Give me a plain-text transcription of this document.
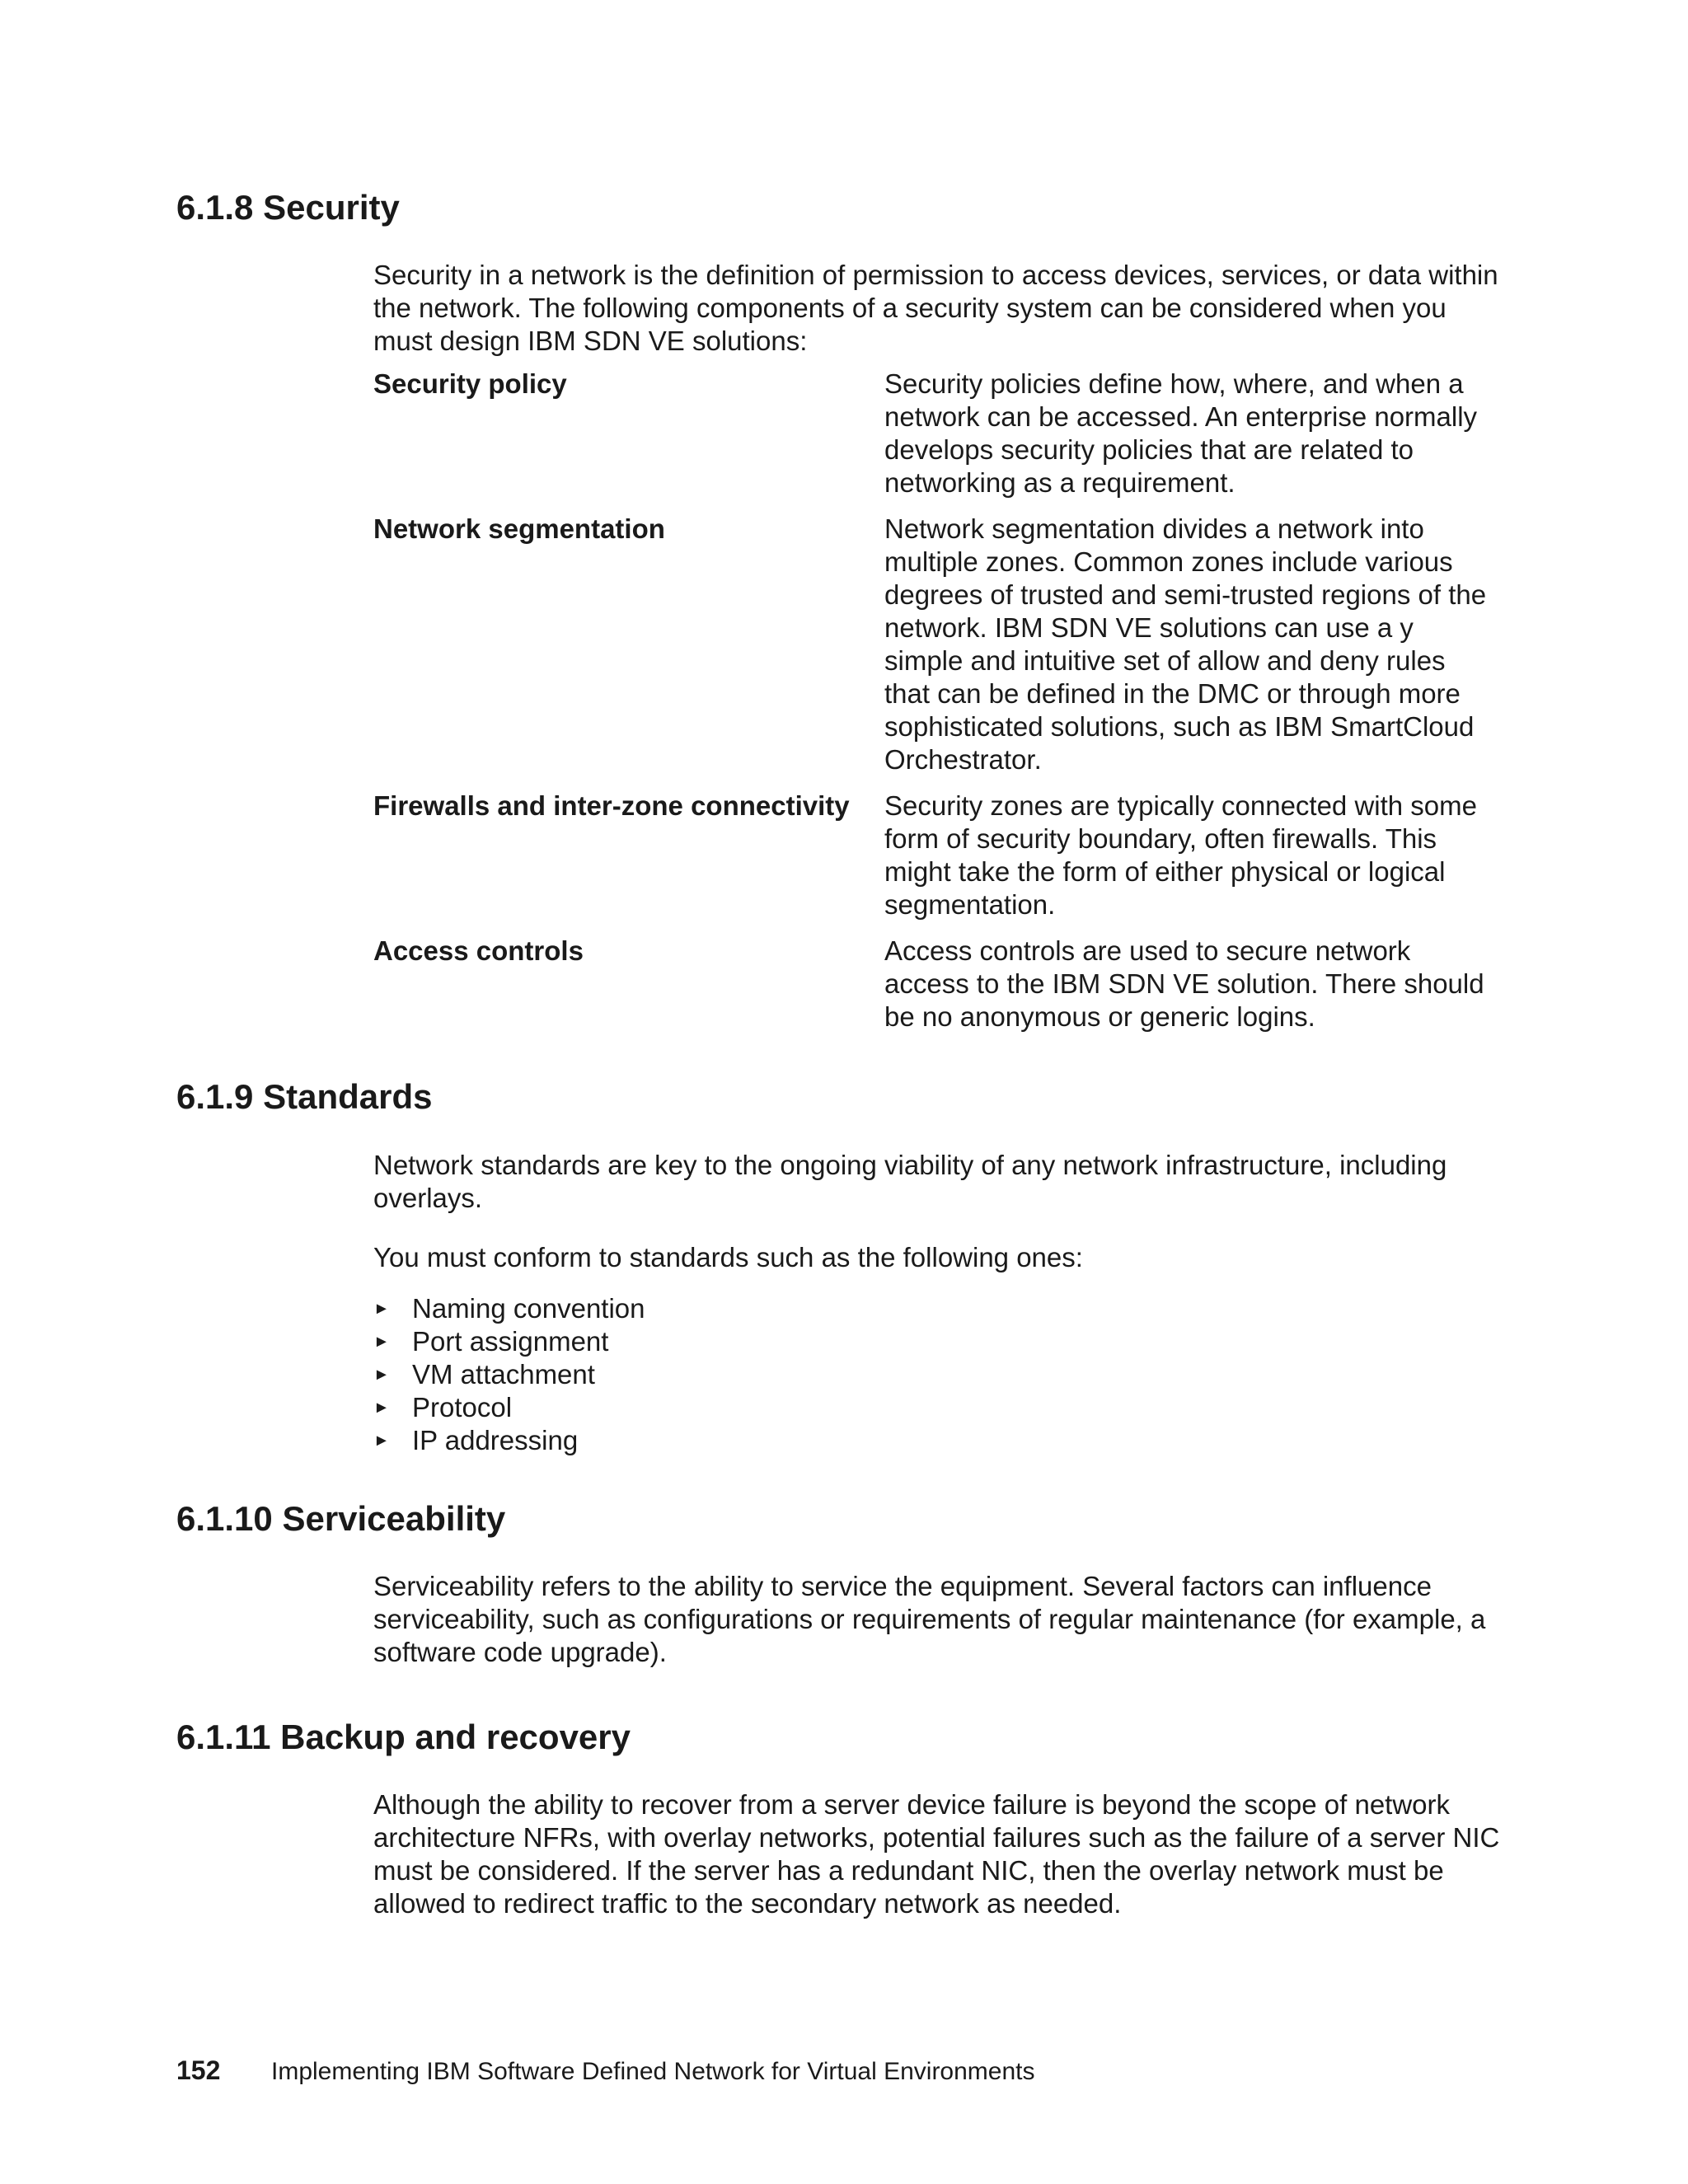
6.1.8 Security

Security in a network is the definition of permission to access devices, services, or data within the network. The following components of a security system can be considered when you must design IBM SDN VE solutions:

Security policy	Security policies define how, where, and when a network can be accessed. An enterprise normally develops security policies that are related to networking as a requirement.
Network segmentation	Network segmentation divides a network into multiple zones. Common zones include various degrees of trusted and semi-trusted regions of the network. IBM SDN VE solutions can use a y simple and intuitive set of allow and deny rules that can be defined in the DMC or through more sophisticated solutions, such as IBM SmartCloud Orchestrator.
Firewalls and inter-zone connectivity	Security zones are typically connected with some form of security boundary, often firewalls. This might take the form of either physical or logical segmentation.
Access controls	Access controls are used to secure network access to the IBM SDN VE solution. There should be no anonymous or generic logins.
6.1.9 Standards

Network standards are key to the ongoing viability of any network infrastructure, including overlays.

You must conform to standards such as the following ones:

► Naming convention
► Port assignment
► VM attachment
► Protocol
► IP addressing
6.1.10 Serviceability

Serviceability refers to the ability to service the equipment. Several factors can influence serviceability, such as configurations or requirements of regular maintenance (for example, a software code upgrade).

6.1.11 Backup and recovery

Although the ability to recover from a server device failure is beyond the scope of network architecture NFRs, with overlay networks, potential failures such as the failure of a server NIC must be considered. If the server has a redundant NIC, then the overlay network must be allowed to redirect traffic to the secondary network as needed.

152	Implementing IBM Software Defined Network for Virtual Environments
